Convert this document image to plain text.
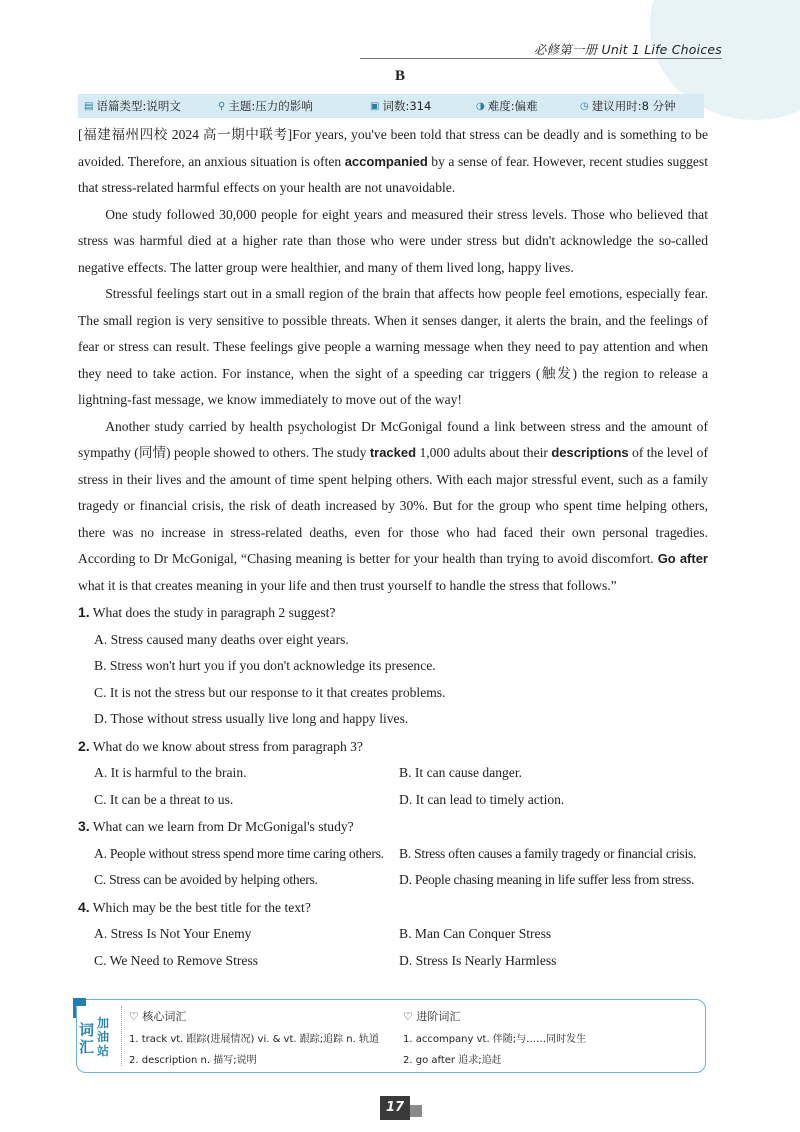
必修第一册 Unit 1 Life Choices
B
▤ 语篇类型:说明文	⚲ 主题:压力的影响	▣ 词数:314	◑ 难度:偏难	◷ 建议用时:8 分钟

[福建福州四校 2024 高一期中联考]For years, you've been told that stress can be deadly and is something to be avoided. Therefore, an anxious situation is often accompanied by a sense of fear. However, recent studies suggest that stress-related harmful effects on your health are not unavoidable.

One study followed 30,000 people for eight years and measured their stress levels. Those who believed that stress was harmful died at a higher rate than those who were under stress but didn't acknowledge the so-called negative effects. The latter group were healthier, and many of them lived long, happy lives.

Stressful feelings start out in a small region of the brain that affects how people feel emotions, especially fear. The small region is very sensitive to possible threats. When it senses danger, it alerts the brain, and the feelings of fear or stress can result. These feelings give people a warning message when they need to pay attention and when they need to take action. For instance, when the sight of a speeding car triggers (触发) the region to release a lightning-fast message, we know immediately to move out of the way!

Another study carried by health psychologist Dr McGonigal found a link between stress and the amount of sympathy (同情) people showed to others. The study tracked 1,000 adults about their descriptions of the level of stress in their lives and the amount of time spent helping others. With each major stressful event, such as a family tragedy or financial crisis, the risk of death increased by 30%. But for the group who spent time helping others, there was no increase in stress-related deaths, even for those who had faced their own personal tragedies. According to Dr McGonigal, “Chasing meaning is better for your health than trying to avoid discomfort. Go after what it is that creates meaning in your life and then trust yourself to handle the stress that follows.”

1. What does the study in paragraph 2 suggest?
A. Stress caused many deaths over eight years.
B. Stress won't hurt you if you don't acknowledge its presence.
C. It is not the stress but our response to it that creates problems.
D. Those without stress usually live long and happy lives.
2. What do we know about stress from paragraph 3?
A. It is harmful to the brain.	B. It can cause danger.
C. It can be a threat to us.	D. It can lead to timely action.
3. What can we learn from Dr McGonigal's study?
A. People without stress spend more time caring others.	B. Stress often causes a family tragedy or financial crisis.
C. Stress can be avoided by helping others.	D. People chasing meaning in life suffer less from stress.
4. Which may be the best title for the text?
A. Stress Is Not Your Enemy	B. Man Can Conquer Stress
C. We Need to Remove Stress	D. Stress Is Nearly Harmless
词汇
加油站
♡ 核心词汇
1. track vt. 跟踪(进展情况) vi. & vt. 跟踪;追踪 n. 轨道
2. description n. 描写;说明
♡ 进阶词汇
1. accompany vt. 伴随;与……同时发生
2. go after 追求;追赶
17
